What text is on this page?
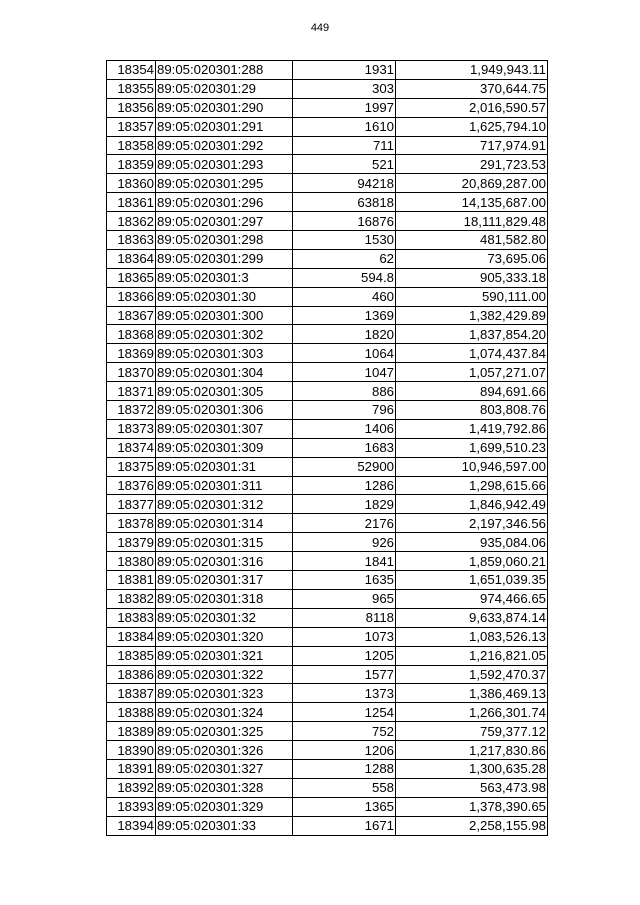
449
18354	89:05:020301:288	1931	1,949,943.11
18355	89:05:020301:29	303	370,644.75
18356	89:05:020301:290	1997	2,016,590.57
18357	89:05:020301:291	1610	1,625,794.10
18358	89:05:020301:292	711	717,974.91
18359	89:05:020301:293	521	291,723.53
18360	89:05:020301:295	94218	20,869,287.00
18361	89:05:020301:296	63818	14,135,687.00
18362	89:05:020301:297	16876	18,111,829.48
18363	89:05:020301:298	1530	481,582.80
18364	89:05:020301:299	62	73,695.06
18365	89:05:020301:3	594.8	905,333.18
18366	89:05:020301:30	460	590,111.00
18367	89:05:020301:300	1369	1,382,429.89
18368	89:05:020301:302	1820	1,837,854.20
18369	89:05:020301:303	1064	1,074,437.84
18370	89:05:020301:304	1047	1,057,271.07
18371	89:05:020301:305	886	894,691.66
18372	89:05:020301:306	796	803,808.76
18373	89:05:020301:307	1406	1,419,792.86
18374	89:05:020301:309	1683	1,699,510.23
18375	89:05:020301:31	52900	10,946,597.00
18376	89:05:020301:311	1286	1,298,615.66
18377	89:05:020301:312	1829	1,846,942.49
18378	89:05:020301:314	2176	2,197,346.56
18379	89:05:020301:315	926	935,084.06
18380	89:05:020301:316	1841	1,859,060.21
18381	89:05:020301:317	1635	1,651,039.35
18382	89:05:020301:318	965	974,466.65
18383	89:05:020301:32	8118	9,633,874.14
18384	89:05:020301:320	1073	1,083,526.13
18385	89:05:020301:321	1205	1,216,821.05
18386	89:05:020301:322	1577	1,592,470.37
18387	89:05:020301:323	1373	1,386,469.13
18388	89:05:020301:324	1254	1,266,301.74
18389	89:05:020301:325	752	759,377.12
18390	89:05:020301:326	1206	1,217,830.86
18391	89:05:020301:327	1288	1,300,635.28
18392	89:05:020301:328	558	563,473.98
18393	89:05:020301:329	1365	1,378,390.65
18394	89:05:020301:33	1671	2,258,155.98
